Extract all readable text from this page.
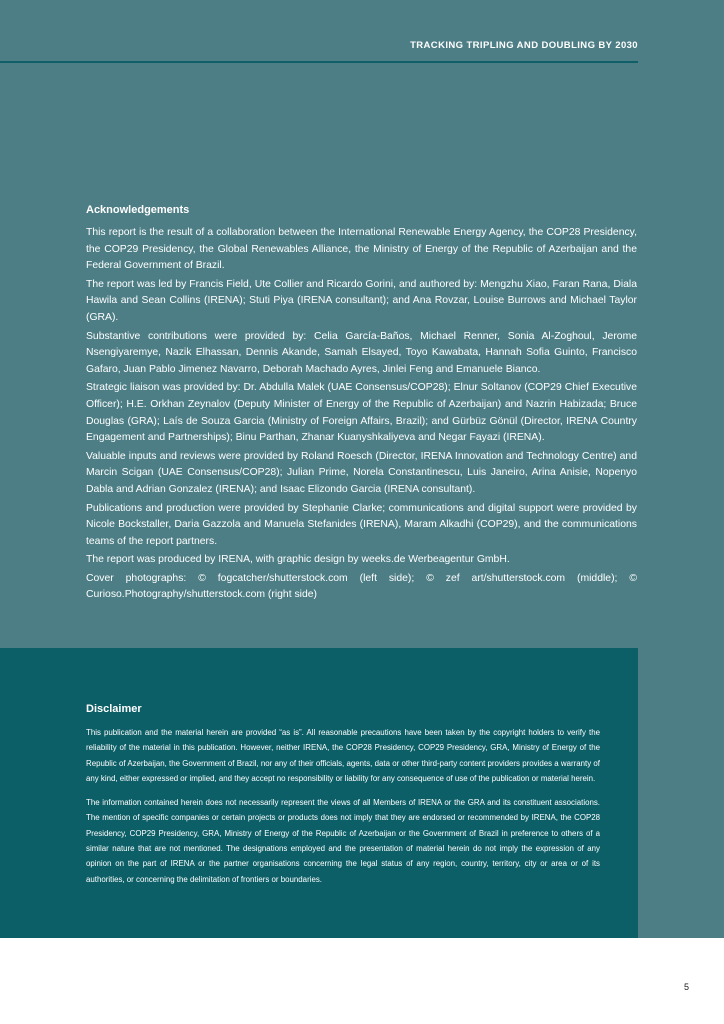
TRACKING TRIPLING AND DOUBLING BY 2030
Acknowledgements

This report is the result of a collaboration between the International Renewable Energy Agency, the COP28 Presidency, the COP29 Presidency, the Global Renewables Alliance, the Ministry of Energy of the Republic of Azerbaijan and the Federal Government of Brazil.

The report was led by Francis Field, Ute Collier and Ricardo Gorini, and authored by: Mengzhu Xiao, Faran Rana, Diala Hawila and Sean Collins (IRENA); Stuti Piya (IRENA consultant); and Ana Rovzar, Louise Burrows and Michael Taylor (GRA).

Substantive contributions were provided by: Celia García-Baños, Michael Renner, Sonia Al-Zoghoul, Jerome Nsengiyaremye, Nazik Elhassan, Dennis Akande, Samah Elsayed, Toyo Kawabata, Hannah Sofia Guinto, Francisco Gafaro, Juan Pablo Jimenez Navarro, Deborah Machado Ayres, Jinlei Feng and Emanuele Bianco.

Strategic liaison was provided by: Dr. Abdulla Malek (UAE Consensus/COP28); Elnur Soltanov (COP29 Chief Executive Officer); H.E. Orkhan Zeynalov (Deputy Minister of Energy of the Republic of Azerbaijan) and Nazrin Habizada; Bruce Douglas (GRA); Laís de Souza Garcia (Ministry of Foreign Affairs, Brazil); and Gürbüz Gönül (Director, IRENA Country Engagement and Partnerships); Binu Parthan, Zhanar Kuanyshkaliyeva and Negar Fayazi (IRENA).

Valuable inputs and reviews were provided by Roland Roesch (Director, IRENA Innovation and Technology Centre) and Marcin Scigan (UAE Consensus/COP28); Julian Prime, Norela Constantinescu, Luis Janeiro, Arina Anisie, Nopenyo Dabla and Adrian Gonzalez (IRENA); and Isaac Elizondo Garcia (IRENA consultant).

Publications and production were provided by Stephanie Clarke; communications and digital support were provided by Nicole Bockstaller, Daria Gazzola and Manuela Stefanides (IRENA), Maram Alkadhi (COP29), and the communications teams of the report partners.

The report was produced by IRENA, with graphic design by weeks.de Werbeagentur GmbH.

Cover photographs: © fogcatcher/shutterstock.com (left side); © zef art/shutterstock.com (middle); © Curioso.Photography/shutterstock.com (right side)

Disclaimer

This publication and the material herein are provided “as is”. All reasonable precautions have been taken by the copyright holders to verify the reliability of the material in this publication. However, neither IRENA, the COP28 Presidency, COP29 Presidency, GRA, Ministry of Energy of the Republic of Azerbaijan, the Government of Brazil, nor any of their officials, agents, data or other third-party content providers provides a warranty of any kind, either expressed or implied, and they accept no responsibility or liability for any consequence of use of the publication or material herein.

The information contained herein does not necessarily represent the views of all Members of IRENA or the GRA and its constituent associations. The mention of specific companies or certain projects or products does not imply that they are endorsed or recommended by IRENA, the COP28 Presidency, COP29 Presidency, GRA, Ministry of Energy of the Republic of Azerbaijan or the Government of Brazil in preference to others of a similar nature that are not mentioned. The designations employed and the presentation of material herein do not imply the expression of any opinion on the part of IRENA or the partner organisations concerning the legal status of any region, country, territory, city or area or of its authorities, or concerning the delimitation of frontiers or boundaries.

5
